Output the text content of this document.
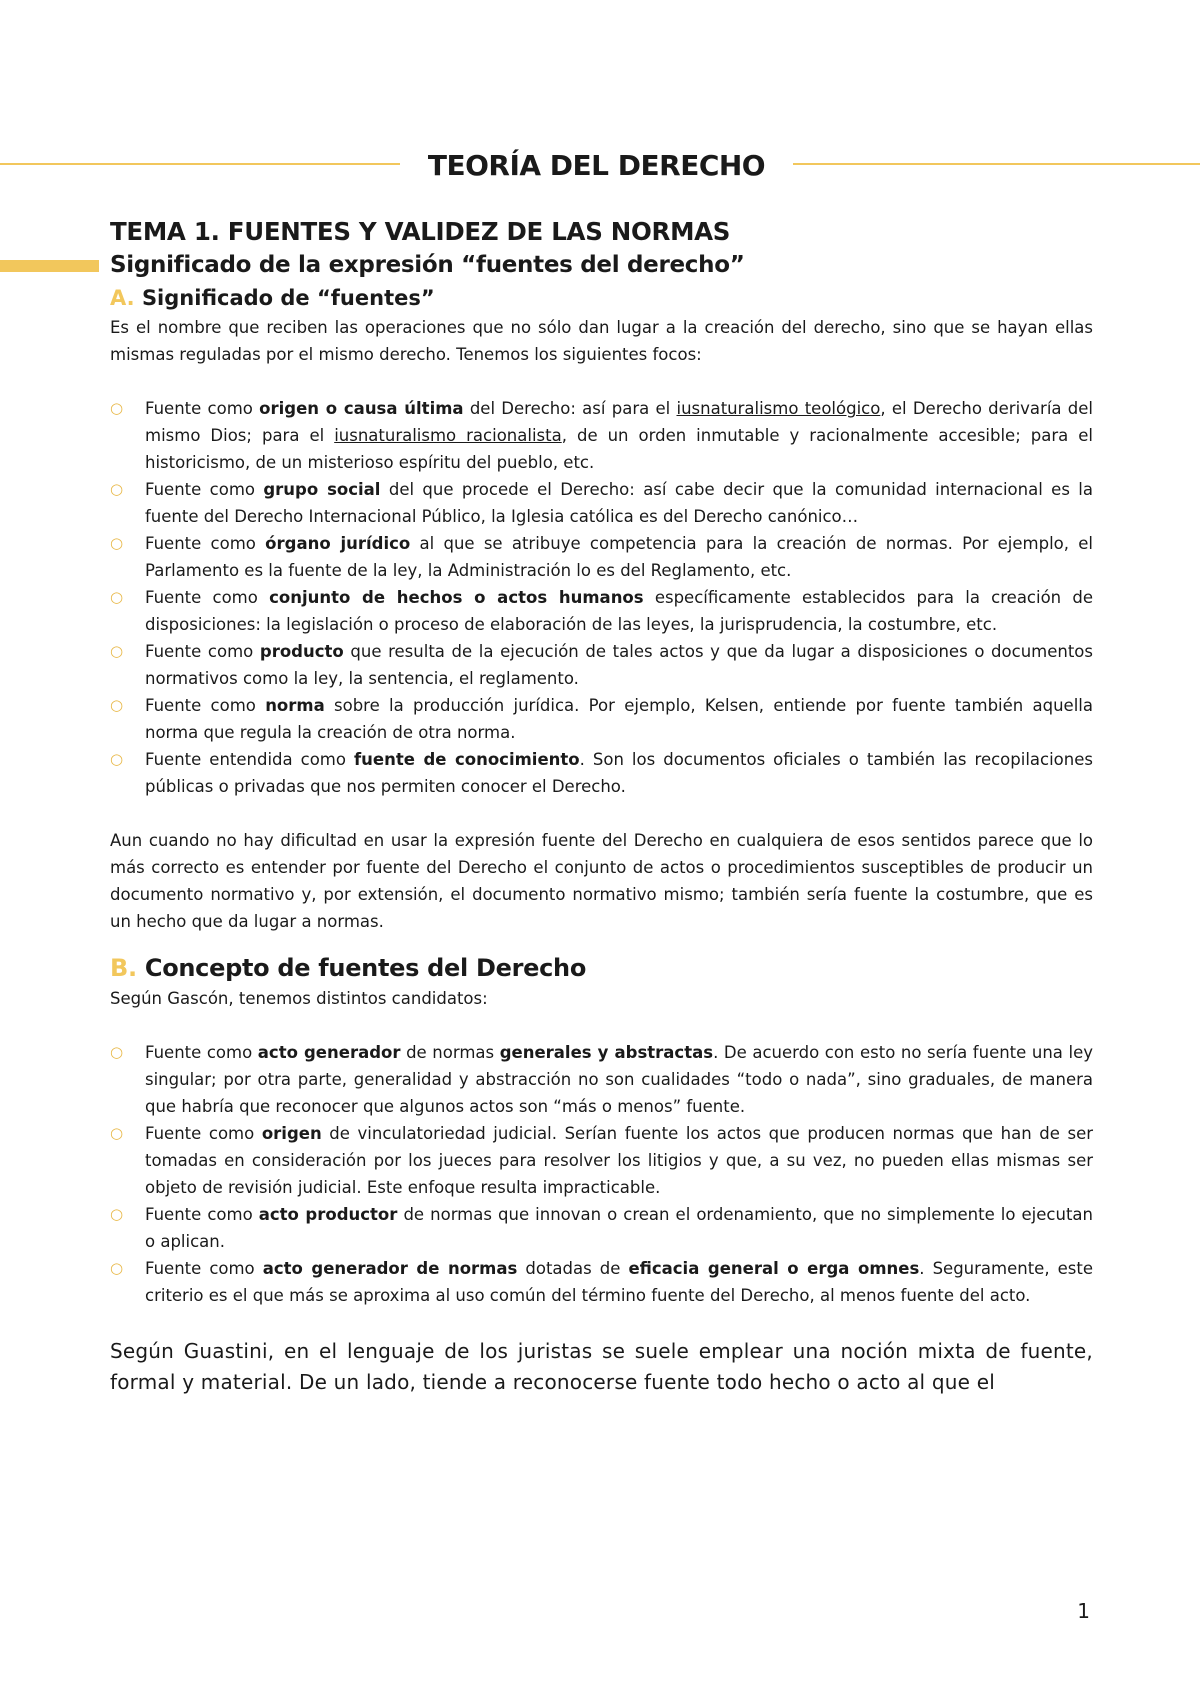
TEORÍA DEL DERECHO
TEMA 1. FUENTES Y VALIDEZ DE LAS NORMAS
Significado de la expresión “fuentes del derecho”
A. Significado de “fuentes”

Es el nombre que reciben las operaciones que no sólo dan lugar a la creación del derecho, sino que se hayan ellas mismas reguladas por el mismo derecho. Tenemos los siguientes focos:

○ Fuente como origen o causa última del Derecho: así para el iusnaturalismo teológico, el Derecho derivaría del mismo Dios; para el iusnaturalismo racionalista, de un orden inmutable y racionalmente accesible; para el historicismo, de un misterioso espíritu del pueblo, etc.
○ Fuente como grupo social del que procede el Derecho: así cabe decir que la comunidad internacional es la fuente del Derecho Internacional Público, la Iglesia católica es del Derecho canónico…
○ Fuente como órgano jurídico al que se atribuye competencia para la creación de normas. Por ejemplo, el Parlamento es la fuente de la ley, la Administración lo es del Reglamento, etc.
○ Fuente como conjunto de hechos o actos humanos específicamente establecidos para la creación de disposiciones: la legislación o proceso de elaboración de las leyes, la jurisprudencia, la costumbre, etc.
○ Fuente como producto que resulta de la ejecución de tales actos y que da lugar a disposiciones o documentos normativos como la ley, la sentencia, el reglamento.
○ Fuente como norma sobre la producción jurídica. Por ejemplo, Kelsen, entiende por fuente también aquella norma que regula la creación de otra norma.
○ Fuente entendida como fuente de conocimiento. Son los documentos oficiales o también las recopilaciones públicas o privadas que nos permiten conocer el Derecho.

Aun cuando no hay dificultad en usar la expresión fuente del Derecho en cualquiera de esos sentidos parece que lo más correcto es entender por fuente del Derecho el conjunto de actos o procedimientos susceptibles de producir un documento normativo y, por extensión, el documento normativo mismo; también sería fuente la costumbre, que es un hecho que da lugar a normas.

B. Concepto de fuentes del Derecho

Según Gascón, tenemos distintos candidatos:

○ Fuente como acto generador de normas generales y abstractas. De acuerdo con esto no sería fuente una ley singular; por otra parte, generalidad y abstracción no son cualidades “todo o nada”, sino graduales, de manera que habría que reconocer que algunos actos son “más o menos” fuente.
○ Fuente como origen de vinculatoriedad judicial. Serían fuente los actos que producen normas que han de ser tomadas en consideración por los jueces para resolver los litigios y que, a su vez, no pueden ellas mismas ser objeto de revisión judicial. Este enfoque resulta impracticable.
○ Fuente como acto productor de normas que innovan o crean el ordenamiento, que no simplemente lo ejecutan o aplican.
○ Fuente como acto generador de normas dotadas de eficacia general o erga omnes. Seguramente, este criterio es el que más se aproxima al uso común del término fuente del Derecho, al menos fuente del acto.

Según Guastini, en el lenguaje de los juristas se suele emplear una noción mixta de fuente, formal y material. De un lado, tiende a reconocerse fuente todo hecho o acto al que el

1
